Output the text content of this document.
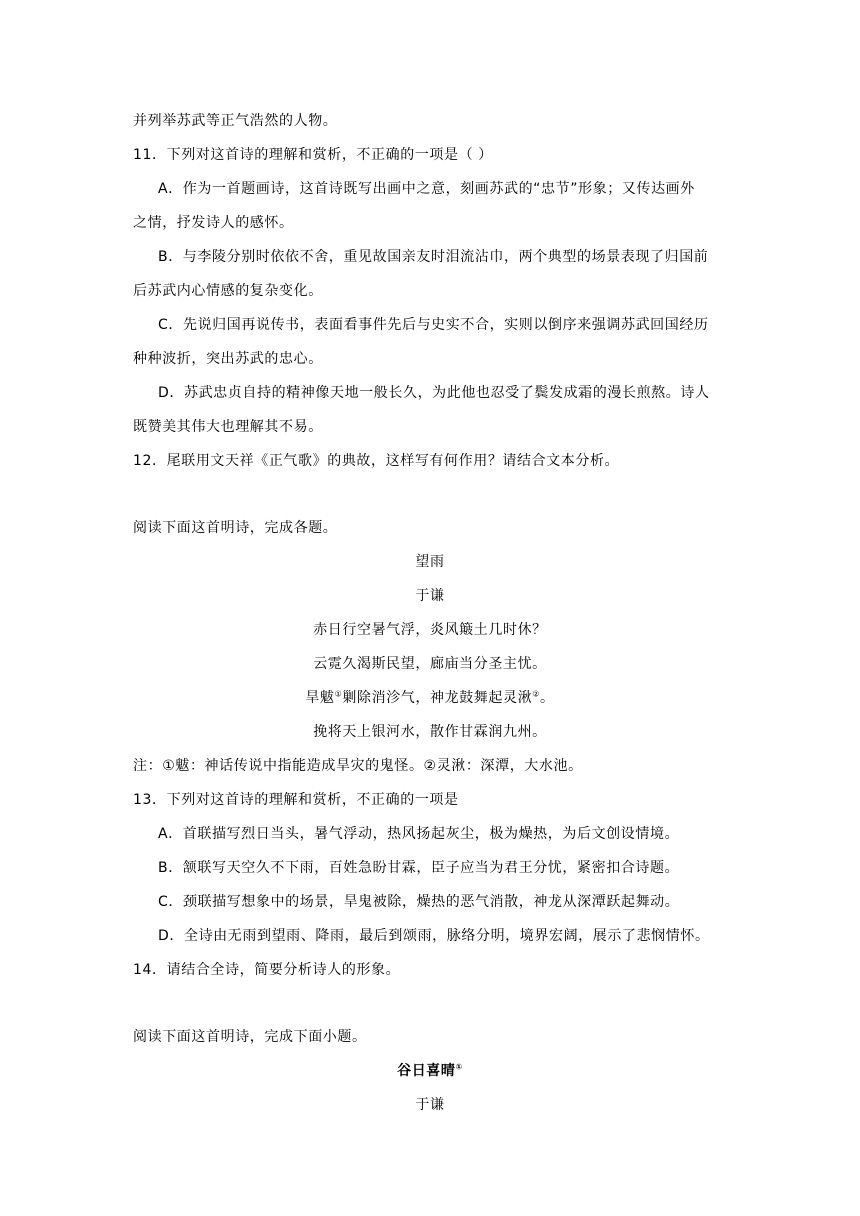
并列举苏武等正气浩然的人物。
11．下列对这首诗的理解和赏析，不正确的一项是（ ）
A．作为一首题画诗，这首诗既写出画中之意，刻画苏武的“忠节”形象；又传达画外
之情，抒发诗人的感怀。
B．与李陵分别时依依不舍，重见故国亲友时泪流沾巾，两个典型的场景表现了归国前
后苏武内心情感的复杂变化。
C．先说归国再说传书，表面看事件先后与史实不合，实则以倒序来强调苏武回国经历
种种波折，突出苏武的忠心。
D．苏武忠贞自持的精神像天地一般长久，为此他也忍受了鬓发成霜的漫长煎熬。诗人
既赞美其伟大也理解其不易。
12．尾联用文天祥《正气歌》的典故，这样写有何作用？请结合文本分析。
阅读下面这首明诗，完成各题。
望雨
于谦
赤日行空暑气浮，炎风簸土几时休？
云霓久渴斯民望，廊庙当分圣主忧。
旱魃①剿除消沴气，神龙鼓舞起灵湫②。
挽将天上银河水，散作甘霖润九州。
注：①魃：神话传说中指能造成旱灾的鬼怪。②灵湫：深潭，大水池。
13．下列对这首诗的理解和赏析，不正确的一项是
A．首联描写烈日当头，暑气浮动，热风扬起灰尘，极为燥热，为后文创设情境。
B．颔联写天空久不下雨，百姓急盼甘霖，臣子应当为君王分忧，紧密扣合诗题。
C．颈联描写想象中的场景，旱鬼被除，燥热的恶气消散，神龙从深潭跃起舞动。
D．全诗由无雨到望雨、降雨，最后到颂雨，脉络分明，境界宏阔，展示了悲悯情怀。
14．请结合全诗，简要分析诗人的形象。
阅读下面这首明诗，完成下面小题。
谷日喜晴①
于谦
